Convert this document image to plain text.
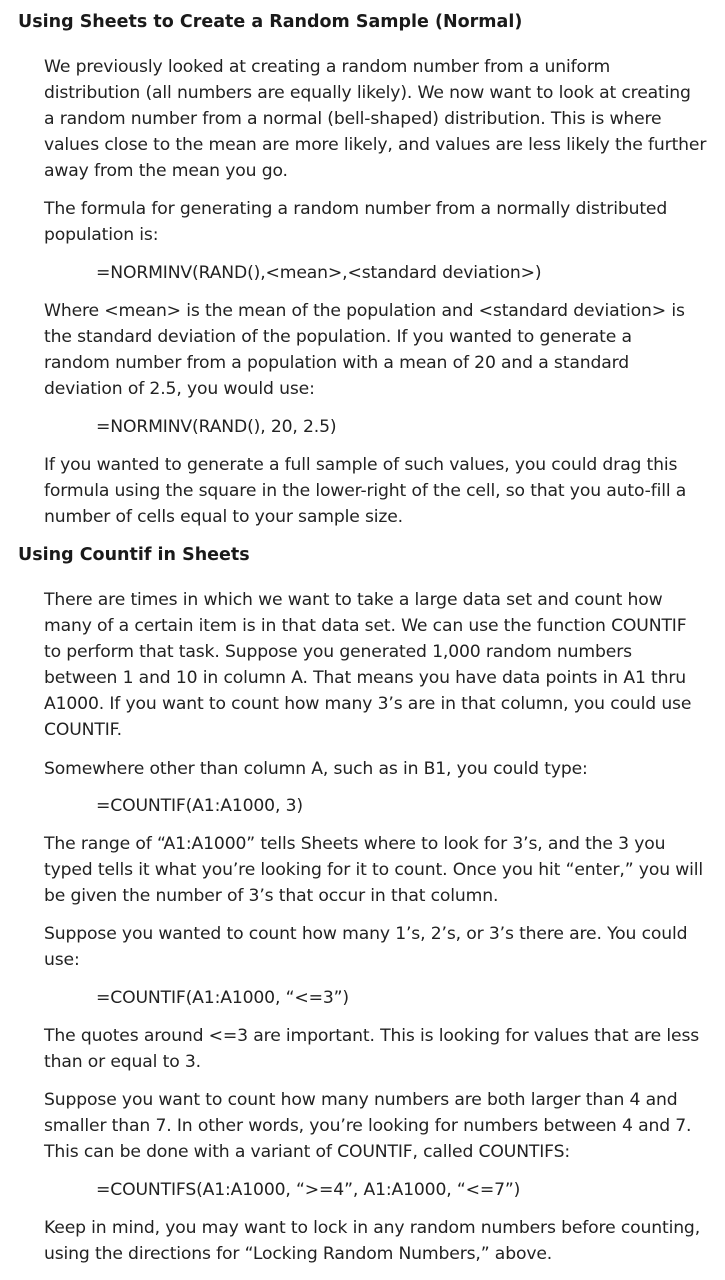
Using Sheets to Create a Random Sample (Normal)
We previously looked at creating a random number from a uniform
distribution (all numbers are equally likely). We now want to look at creating
a random number from a normal (bell-shaped) distribution. This is where
values close to the mean are more likely, and values are less likely the further
away from the mean you go.
The formula for generating a random number from a normally distributed
population is:
=NORMINV(RAND(),<mean>,<standard deviation>)
Where <mean> is the mean of the population and <standard deviation> is
the standard deviation of the population. If you wanted to generate a
random number from a population with a mean of 20 and a standard
deviation of 2.5, you would use:
=NORMINV(RAND(), 20, 2.5)
If you wanted to generate a full sample of such values, you could drag this
formula using the square in the lower-right of the cell, so that you auto-fill a
number of cells equal to your sample size.
Using Countif in Sheets
There are times in which we want to take a large data set and count how
many of a certain item is in that data set. We can use the function COUNTIF
to perform that task. Suppose you generated 1,000 random numbers
between 1 and 10 in column A. That means you have data points in A1 thru
A1000. If you want to count how many 3’s are in that column, you could use
COUNTIF.
Somewhere other than column A, such as in B1, you could type:
=COUNTIF(A1:A1000, 3)
The range of “A1:A1000” tells Sheets where to look for 3’s, and the 3 you
typed tells it what you’re looking for it to count. Once you hit “enter,” you will
be given the number of 3’s that occur in that column.
Suppose you wanted to count how many 1’s, 2’s, or 3’s there are. You could
use:
=COUNTIF(A1:A1000, “<=3”)
The quotes around <=3 are important. This is looking for values that are less
than or equal to 3.
Suppose you want to count how many numbers are both larger than 4 and
smaller than 7. In other words, you’re looking for numbers between 4 and 7.
This can be done with a variant of COUNTIF, called COUNTIFS:
=COUNTIFS(A1:A1000, “>=4”, A1:A1000, “<=7”)
Keep in mind, you may want to lock in any random numbers before counting,
using the directions for “Locking Random Numbers,” above.
